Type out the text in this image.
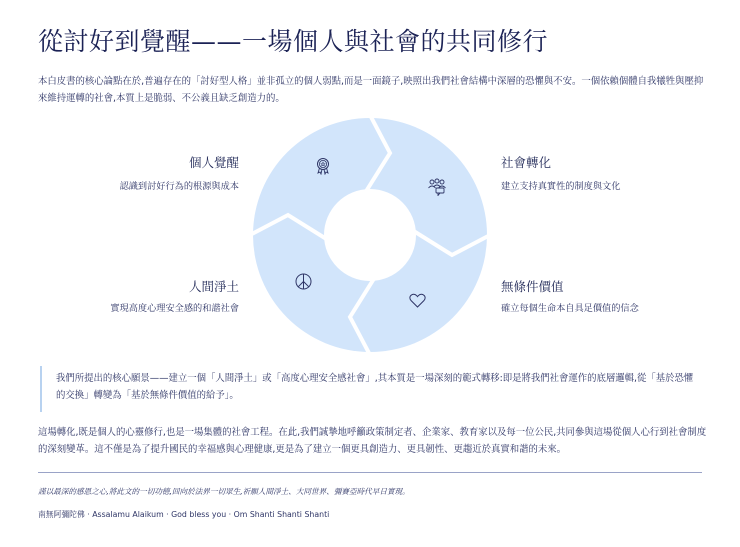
從討好到覺醒——一場個人與社會的共同修行

本白皮書的核心論點在於,普遍存在的「討好型人格」並非孤立的個人弱點,而是一面鏡子,映照出我們社會結構中深層的恐懼與不安。一個依賴個體自我犧牲與壓抑來維持運轉的社會,本質上是脆弱、不公義且缺乏創造力的。

個人覺醒
認識到討好行為的根源與成本
社會轉化
建立支持真實性的制度與文化
人間淨土
實現高度心理安全感的和諧社會
無條件價值
確立每個生命本自具足價值的信念
我們所提出的核心願景——建立一個「人間淨土」或「高度心理安全感社會」,其本質是一場深刻的範式轉移:即是將我們社會運作的底層邏輯,從「基於恐懼的交換」轉變為「基於無條件價值的給予」。

這場轉化,既是個人的心靈修行,也是一場集體的社會工程。在此,我們誠摯地呼籲政策制定者、企業家、教育家以及每一位公民,共同參與這場從個人心行到社會制度的深刻變革。這不僅是為了提升國民的幸福感與心理健康,更是為了建立一個更具創造力、更具韌性、更趨近於真實和諧的未來。

謹以最深的感恩之心,將此文的一切功德,回向於法界一切眾生,祈願人間淨土、大同世界、彌賽亞時代早日實現。
南無阿彌陀佛 · Assalamu Alaikum · God bless you · Om Shanti Shanti Shanti
